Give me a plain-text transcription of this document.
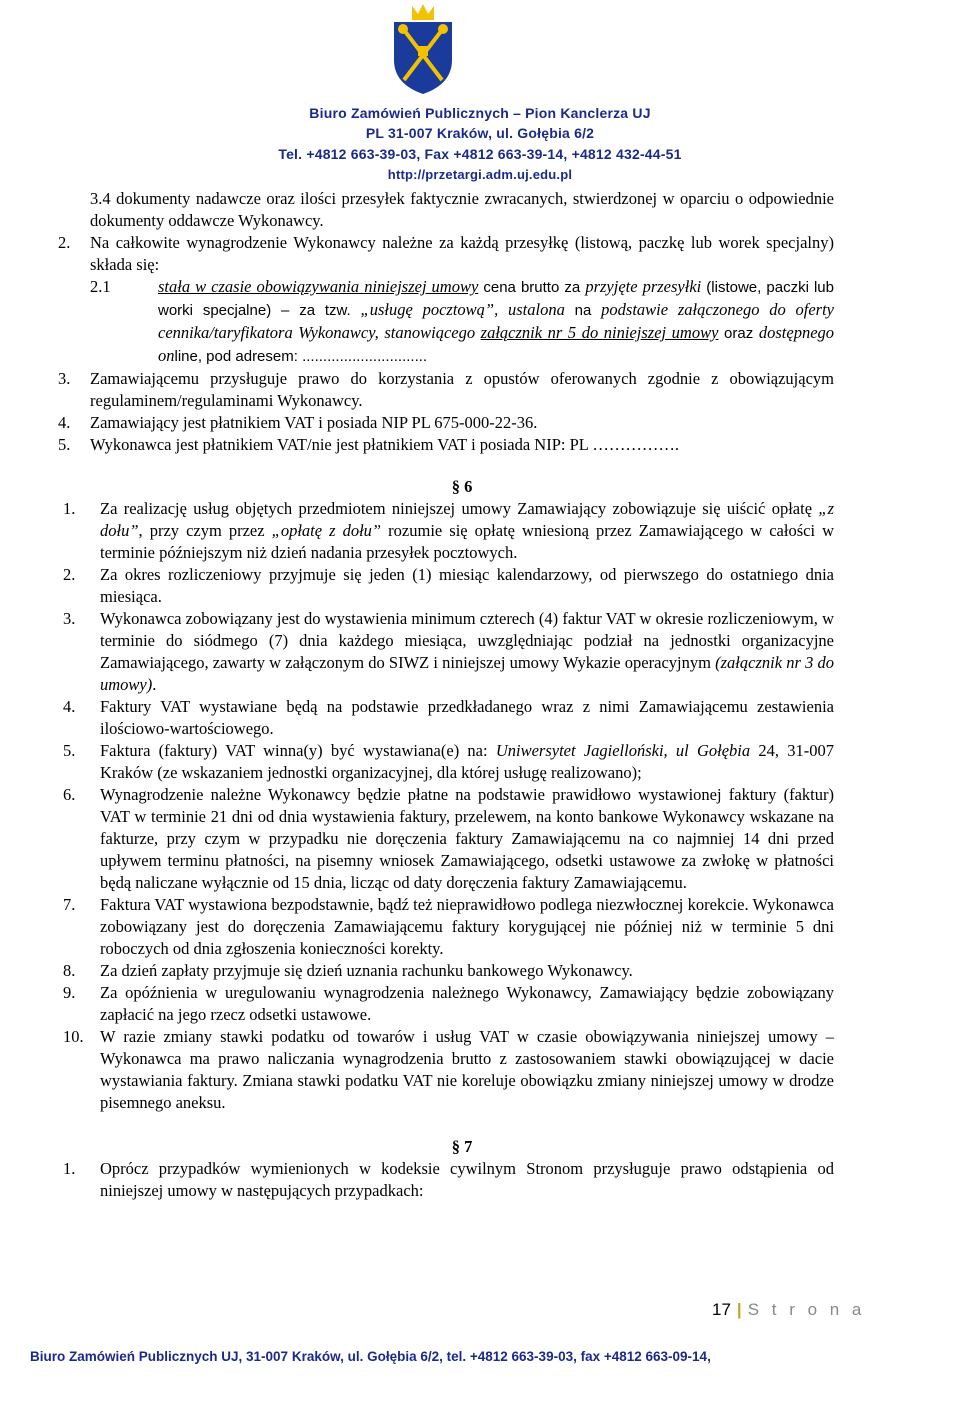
Biuro Zamówień Publicznych – Pion Kanclerza UJ
PL 31-007 Kraków, ul. Gołębia 6/2
Tel. +4812 663-39-03, Fax +4812 663-39-14, +4812 432-44-51
http://przetargi.adm.uj.edu.pl

3.4 dokumenty nadawcze oraz ilości przesyłek faktycznie zwracanych, stwierdzonej w oparciu o odpowiednie dokumenty oddawcze Wykonawcy.

2.	Na całkowite wynagrodzenie Wykonawcy należne za każdą przesyłkę (listową, paczkę lub worek specjalny) składa się:
2.1	stała w czasie obowiązywania niniejszej umowy cena brutto za przyjęte przesyłki (listowe, paczki lub worki specjalne) – za tzw. „usługę pocztową”, ustalona na podstawie załączonego do oferty cennika/taryfikatora Wykonawcy, stanowiącego załącznik nr 5 do niniejszej umowy oraz dostępnego online, pod adresem: ..............................
3.	Zamawiającemu przysługuje prawo do korzystania z opustów oferowanych zgodnie z obowiązującym regulaminem/regulaminami Wykonawcy.
4.	Zamawiający jest płatnikiem VAT i posiada NIP PL 675-000-22-36.
5.	Wykonawca jest płatnikiem VAT/nie jest płatnikiem VAT i posiada NIP: PL …………….

§ 6

1.	Za realizację usług objętych przedmiotem niniejszej umowy Zamawiający zobowiązuje się uiścić opłatę „z dołu”, przy czym przez „opłatę z dołu” rozumie się opłatę wniesioną przez Zamawiającego w całości w terminie późniejszym niż dzień nadania przesyłek pocztowych.
2.	Za okres rozliczeniowy przyjmuje się jeden (1) miesiąc kalendarzowy, od pierwszego do ostatniego dnia miesiąca.
3.	Wykonawca zobowiązany jest do wystawienia minimum czterech (4) faktur VAT w okresie rozliczeniowym, w terminie do siódmego (7) dnia każdego miesiąca, uwzględniając podział na jednostki organizacyjne Zamawiającego, zawarty w załączonym do SIWZ i niniejszej umowy Wykazie operacyjnym (załącznik nr 3 do umowy).
4.	Faktury VAT wystawiane będą na podstawie przedkładanego wraz z nimi Zamawiającemu zestawienia ilościowo-wartościowego.
5.	Faktura (faktury) VAT winna(y) być wystawiana(e) na: Uniwersytet Jagielloński, ul Gołębia 24, 31-007 Kraków (ze wskazaniem jednostki organizacyjnej, dla której usługę realizowano);
6.	Wynagrodzenie należne Wykonawcy będzie płatne na podstawie prawidłowo wystawionej faktury (faktur) VAT w terminie 21 dni od dnia wystawienia faktury, przelewem, na konto bankowe Wykonawcy wskazane na fakturze, przy czym w przypadku nie doręczenia faktury Zamawiającemu na co najmniej 14 dni przed upływem terminu płatności, na pisemny wniosek Zamawiającego, odsetki ustawowe za zwłokę w płatności będą naliczane wyłącznie od 15 dnia, licząc od daty doręczenia faktury Zamawiającemu.
7.	Faktura VAT wystawiona bezpodstawnie, bądź też nieprawidłowo podlega niezwłocznej korekcie. Wykonawca zobowiązany jest do doręczenia Zamawiającemu faktury korygującej nie później niż w terminie 5 dni roboczych od dnia zgłoszenia konieczności korekty.
8.	Za dzień zapłaty przyjmuje się dzień uznania rachunku bankowego Wykonawcy.
9.	Za opóźnienia w uregulowaniu wynagrodzenia należnego Wykonawcy, Zamawiający będzie zobowiązany zapłacić na jego rzecz odsetki ustawowe.
10. W razie zmiany stawki podatku od towarów i usług VAT w czasie obowiązywania niniejszej umowy – Wykonawca ma prawo naliczania wynagrodzenia brutto z zastosowaniem stawki obowiązującej w dacie wystawiania faktury. Zmiana stawki podatku VAT nie koreluje obowiązku zmiany niniejszej umowy w drodze pisemnego aneksu.

§ 7

1.	Oprócz przypadków wymienionych w kodeksie cywilnym Stronom przysługuje prawo odstąpienia od niniejszej umowy w następujących przypadkach:
17 | S t r o n a
Biuro Zamówień Publicznych UJ, 31-007 Kraków, ul. Gołębia 6/2, tel. +4812 663-39-03, fax +4812 663-09-14,
